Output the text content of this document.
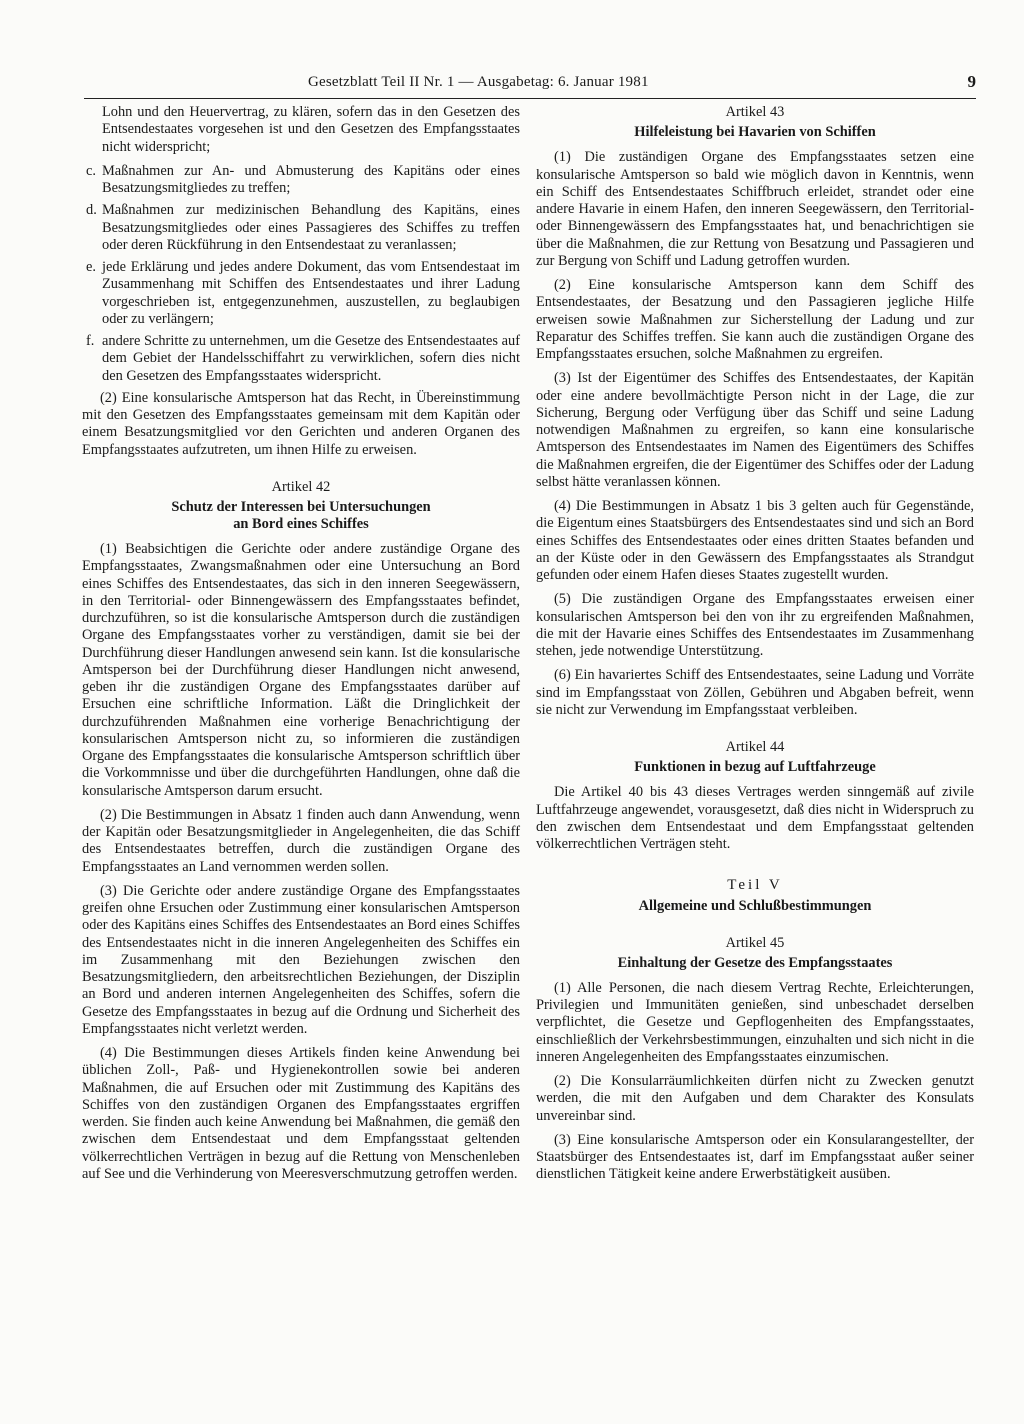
Gesetzblatt Teil II Nr. 1 — Ausgabetag: 6. Januar 1981	9

Lohn und den Heuervertrag, zu klären, sofern das in den Gesetzen des Entsendestaates vorgesehen ist und den Gesetzen des Empfangsstaates nicht widerspricht;

c. Maßnahmen zur An- und Abmusterung des Kapitäns oder eines Besatzungsmitgliedes zu treffen;
d. Maßnahmen zur medizinischen Behandlung des Kapitäns, eines Besatzungsmitgliedes oder eines Passagieres des Schiffes zu treffen oder deren Rückführung in den Entsendestaat zu veranlassen;
e. jede Erklärung und jedes andere Dokument, das vom Entsendestaat im Zusammenhang mit Schiffen des Entsendestaates und ihrer Ladung vorgeschrieben ist, entgegenzunehmen, auszustellen, zu beglaubigen oder zu verlängern;
f. andere Schritte zu unternehmen, um die Gesetze des Entsendestaates auf dem Gebiet der Handelsschiffahrt zu verwirklichen, sofern dies nicht den Gesetzen des Empfangsstaates widerspricht.

(2) Eine konsularische Amtsperson hat das Recht, in Übereinstimmung mit den Gesetzen des Empfangsstaates gemeinsam mit dem Kapitän oder einem Besatzungsmitglied vor den Gerichten und anderen Organen des Empfangsstaates aufzutreten, um ihnen Hilfe zu erweisen.

Artikel 42
Schutz der Interessen bei Untersuchungen
an Bord eines Schiffes

(1) Beabsichtigen die Gerichte oder andere zuständige Organe des Empfangsstaates, Zwangsmaßnahmen oder eine Untersuchung an Bord eines Schiffes des Entsendestaates, das sich in den inneren Seegewässern, in den Territorial- oder Binnengewässern des Empfangsstaates befindet, durchzuführen, so ist die konsularische Amtsperson durch die zuständigen Organe des Empfangsstaates vorher zu verständigen, damit sie bei der Durchführung dieser Handlungen anwesend sein kann. Ist die konsularische Amtsperson bei der Durchführung dieser Handlungen nicht anwesend, geben ihr die zuständigen Organe des Empfangsstaates darüber auf Ersuchen eine schriftliche Information. Läßt die Dringlichkeit der durchzuführenden Maßnahmen eine vorherige Benachrichtigung der konsularischen Amtsperson nicht zu, so informieren die zuständigen Organe des Empfangsstaates die konsularische Amtsperson schriftlich über die Vorkommnisse und über die durchgeführten Handlungen, ohne daß die konsularische Amtsperson darum ersucht.

(2) Die Bestimmungen in Absatz 1 finden auch dann Anwendung, wenn der Kapitän oder Besatzungsmitglieder in Angelegenheiten, die das Schiff des Entsendestaates betreffen, durch die zuständigen Organe des Empfangsstaates an Land vernommen werden sollen.

(3) Die Gerichte oder andere zuständige Organe des Empfangsstaates greifen ohne Ersuchen oder Zustimmung einer konsularischen Amtsperson oder des Kapitäns eines Schiffes des Entsendestaates an Bord eines Schiffes des Entsendestaates nicht in die inneren Angelegenheiten des Schiffes ein im Zusammenhang mit den Beziehungen zwischen den Besatzungsmitgliedern, den arbeitsrechtlichen Beziehungen, der Disziplin an Bord und anderen internen Angelegenheiten des Schiffes, sofern die Gesetze des Empfangsstaates in bezug auf die Ordnung und Sicherheit des Empfangsstaates nicht verletzt werden.

(4) Die Bestimmungen dieses Artikels finden keine Anwendung bei üblichen Zoll-, Paß- und Hygienekontrollen sowie bei anderen Maßnahmen, die auf Ersuchen oder mit Zustimmung des Kapitäns des Schiffes von den zuständigen Organen des Empfangsstaates ergriffen werden. Sie finden auch keine Anwendung bei Maßnahmen, die gemäß den zwischen dem Entsendestaat und dem Empfangsstaat geltenden völkerrechtlichen Verträgen in bezug auf die Rettung von Menschenleben auf See und die Verhinderung von Meeresverschmutzung getroffen werden.

Artikel 43
Hilfeleistung bei Havarien von Schiffen

(1) Die zuständigen Organe des Empfangsstaates setzen eine konsularische Amtsperson so bald wie möglich davon in Kenntnis, wenn ein Schiff des Entsendestaates Schiffbruch erleidet, strandet oder eine andere Havarie in einem Hafen, den inneren Seegewässern, den Territorial- oder Binnengewässern des Empfangsstaates hat, und benachrichtigen sie über die Maßnahmen, die zur Rettung von Besatzung und Passagieren und zur Bergung von Schiff und Ladung getroffen wurden.

(2) Eine konsularische Amtsperson kann dem Schiff des Entsendestaates, der Besatzung und den Passagieren jegliche Hilfe erweisen sowie Maßnahmen zur Sicherstellung der Ladung und zur Reparatur des Schiffes treffen. Sie kann auch die zuständigen Organe des Empfangsstaates ersuchen, solche Maßnahmen zu ergreifen.

(3) Ist der Eigentümer des Schiffes des Entsendestaates, der Kapitän oder eine andere bevollmächtigte Person nicht in der Lage, die zur Sicherung, Bergung oder Verfügung über das Schiff und seine Ladung notwendigen Maßnahmen zu ergreifen, so kann eine konsularische Amtsperson des Entsendestaates im Namen des Eigentümers des Schiffes die Maßnahmen ergreifen, die der Eigentümer des Schiffes oder der Ladung selbst hätte veranlassen können.

(4) Die Bestimmungen in Absatz 1 bis 3 gelten auch für Gegenstände, die Eigentum eines Staatsbürgers des Entsendestaates sind und sich an Bord eines Schiffes des Entsendestaates oder eines dritten Staates befanden und an der Küste oder in den Gewässern des Empfangsstaates als Strandgut gefunden oder einem Hafen dieses Staates zugestellt wurden.

(5) Die zuständigen Organe des Empfangsstaates erweisen einer konsularischen Amtsperson bei den von ihr zu ergreifenden Maßnahmen, die mit der Havarie eines Schiffes des Entsendestaates im Zusammenhang stehen, jede notwendige Unterstützung.

(6) Ein havariertes Schiff des Entsendestaates, seine Ladung und Vorräte sind im Empfangsstaat von Zöllen, Gebühren und Abgaben befreit, wenn sie nicht zur Verwendung im Empfangsstaat verbleiben.

Artikel 44
Funktionen in bezug auf Luftfahrzeuge

Die Artikel 40 bis 43 dieses Vertrages werden sinngemäß auf zivile Luftfahrzeuge angewendet, vorausgesetzt, daß dies nicht in Widerspruch zu den zwischen dem Entsendestaat und dem Empfangsstaat geltenden völkerrechtlichen Verträgen steht.

Teil V
Allgemeine und Schlußbestimmungen
Artikel 45
Einhaltung der Gesetze des Empfangsstaates

(1) Alle Personen, die nach diesem Vertrag Rechte, Erleichterungen, Privilegien und Immunitäten genießen, sind unbeschadet derselben verpflichtet, die Gesetze und Gepflogenheiten des Empfangsstaates, einschließlich der Verkehrsbestimmungen, einzuhalten und sich nicht in die inneren Angelegenheiten des Empfangsstaates einzumischen.

(2) Die Konsularräumlichkeiten dürfen nicht zu Zwecken genutzt werden, die mit den Aufgaben und dem Charakter des Konsulats unvereinbar sind.

(3) Eine konsularische Amtsperson oder ein Konsularangestellter, der Staatsbürger des Entsendestaates ist, darf im Empfangsstaat außer seiner dienstlichen Tätigkeit keine andere Erwerbstätigkeit ausüben.
